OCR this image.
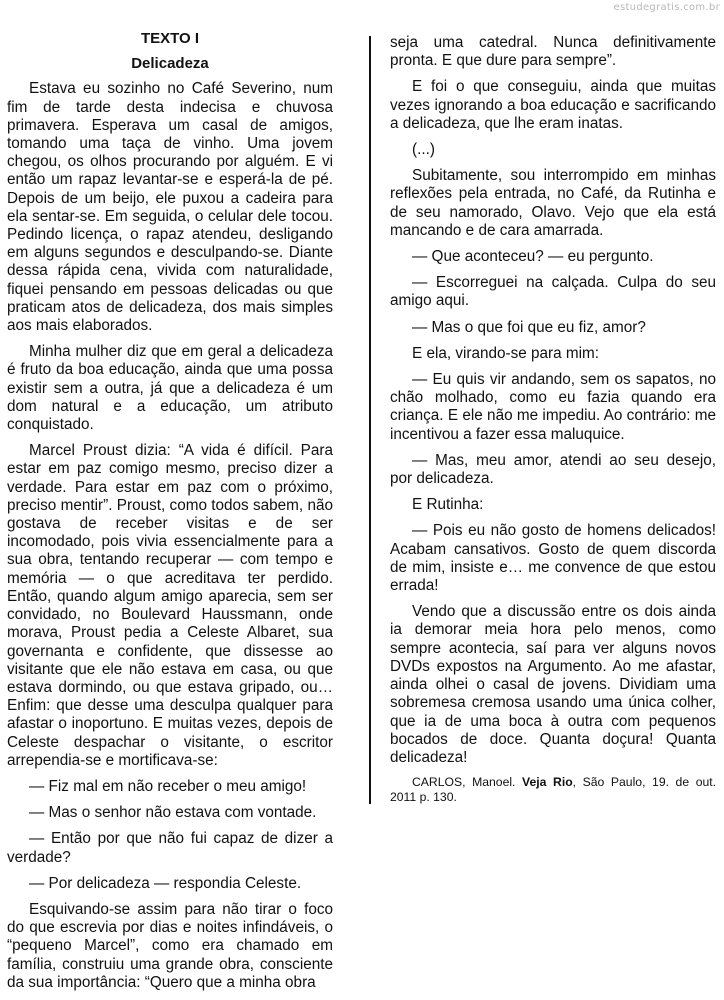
estudegratis.com.br
TEXTO I
Delicadeza

Estava eu sozinho no Café Severino, num fim de tarde desta indecisa e chuvosa primavera. Esperava um casal de amigos, tomando uma taça de vinho. Uma jovem chegou, os olhos procurando por alguém. E vi então um rapaz levantar-se e esperá-la de pé. Depois de um beijo, ele puxou a cadeira para ela sentar-se. Em seguida, o celular dele tocou. Pedindo licença, o rapaz atendeu, desligando em alguns segundos e desculpando-se. Diante dessa rápida cena, vivida com naturalidade, fiquei pensando em pessoas delicadas ou que praticam atos de delicadeza, dos mais simples aos mais elaborados.

Minha mulher diz que em geral a delicadeza é fruto da boa educação, ainda que uma possa existir sem a outra, já que a delicadeza é um dom natural e a educação, um atributo conquistado.

Marcel Proust dizia: “A vida é difícil. Para estar em paz comigo mesmo, preciso dizer a verdade. Para estar em paz com o próximo, preciso mentir”. Proust, como todos sabem, não gostava de receber visitas e de ser incomodado, pois vivia essencialmente para a sua obra, tentando recuperar — com tempo e memória — o que acreditava ter perdido. Então, quando algum amigo aparecia, sem ser convidado, no Boulevard Haussmann, onde morava, Proust pedia a Celeste Albaret, sua governanta e confidente, que dissesse ao visitante que ele não estava em casa, ou que estava dormindo, ou que estava gripado, ou… Enfim: que desse uma desculpa qualquer para afastar o inoportuno. E muitas vezes, depois de Celeste despachar o visitante, o escritor arrependia-se e mortificava-se:

— Fiz mal em não receber o meu amigo!

— Mas o senhor não estava com vontade.

— Então por que não fui capaz de dizer a verdade?

— Por delicadeza — respondia Celeste.

Esquivando-se assim para não tirar o foco do que escrevia por dias e noites infindáveis, o “pequeno Marcel”, como era chamado em família, construiu uma grande obra, consciente da sua importância: “Quero que a minha obra

seja uma catedral. Nunca definitivamente pronta. E que dure para sempre”.

E foi o que conseguiu, ainda que muitas vezes ignorando a boa educação e sacrificando a delicadeza, que lhe eram inatas.

(...)

Subitamente, sou interrompido em minhas reflexões pela entrada, no Café, da Rutinha e de seu namorado, Olavo. Vejo que ela está mancando e de cara amarrada.

— Que aconteceu? — eu pergunto.

— Escorreguei na calçada. Culpa do seu amigo aqui.

— Mas o que foi que eu fiz, amor?

E ela, virando-se para mim:

— Eu quis vir andando, sem os sapatos, no chão molhado, como eu fazia quando era criança. E ele não me impediu. Ao contrário: me incentivou a fazer essa maluquice.

— Mas, meu amor, atendi ao seu desejo, por delicadeza.

E Rutinha:

— Pois eu não gosto de homens delicados! Acabam cansativos. Gosto de quem discorda de mim, insiste e… me convence de que estou errada!

Vendo que a discussão entre os dois ainda ia demorar meia hora pelo menos, como sempre acontecia, saí para ver alguns novos DVDs expostos na Argumento. Ao me afastar, ainda olhei o casal de jovens. Dividiam uma sobremesa cremosa usando uma única colher, que ia de uma boca à outra com pequenos bocados de doce. Quanta doçura! Quanta delicadeza!

CARLOS, Manoel. Veja Rio, São Paulo, 19. de out. 2011 p. 130.
